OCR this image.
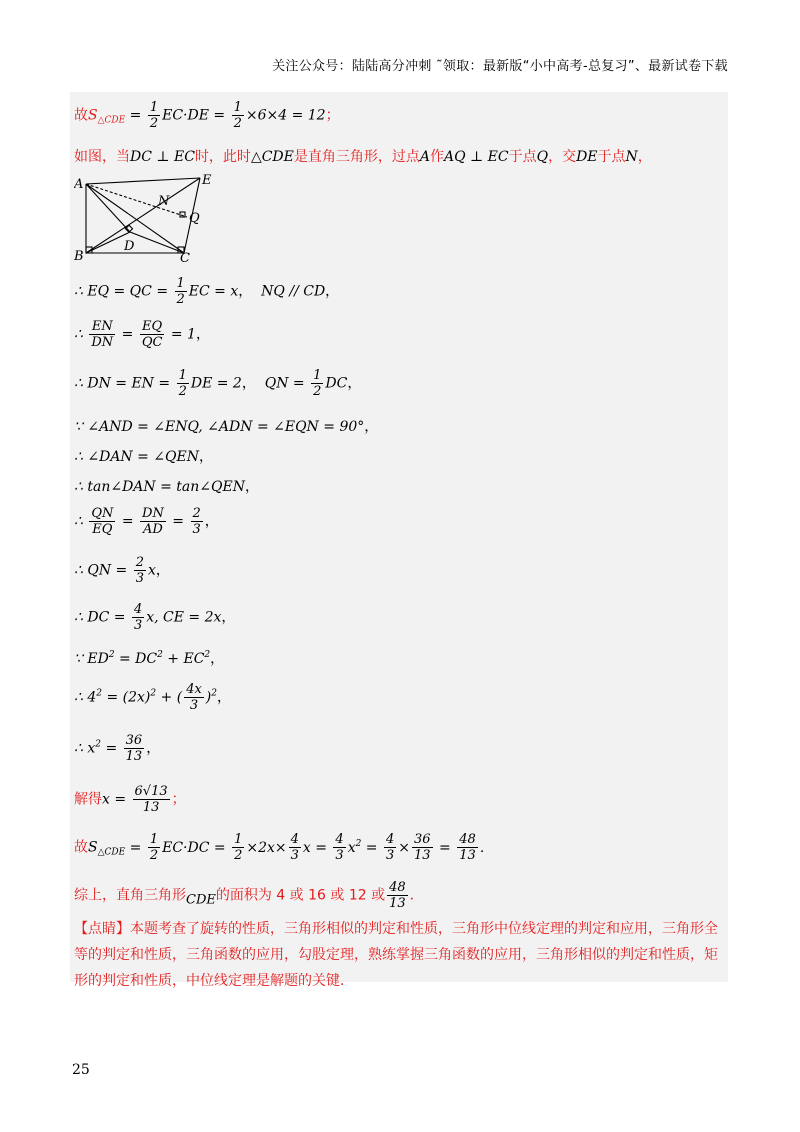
关注公众号：陆陆高分冲刺 ˜领取：最新版“小中高考-总复习”、最新试卷下载
故$S_{\triangle CDE} = \frac{1}{2} EC\cdot DE = \frac{1}{2} \times 6\times 4 = 12$；
如图，当DC ⊥ EC时，此时△CDE是直角三角形，过点A作AQ ⊥ EC于点Q，交DE于点N，
A	E
N
Q
D
B	C
∴ EQ = QC = $\frac{1}{2}$ EC = x， NQ // CD，
∴ $\frac{EN}{DN} = \frac{EQ}{QC} = 1$，
∴ DN = EN = $\frac{1}{2}$ DE = 2， QN = $\frac{1}{2}$ DC，
∵ ∠AND = ∠ENQ, ∠ADN = ∠EQN = 90°，
∴ ∠DAN = ∠QEN，
∴ tan∠DAN = tan∠QEN，
∴ $\frac{QN}{EQ} = \frac{DN}{AD} = \frac{2}{3}$ ，
∴ QN = $\frac{2}{3}$ x，
∴ DC = $\frac{4}{3} x$, CE = 2x，
∵ $ED^2 = DC^2 + EC^2$，
∴ $4^2 = (2x)^2$ + ( $\frac{4x}{3} )^2$，
∴ $x^2 = \frac{36}{13}$ ，
解得$x = \frac{6√13}{13}$ ；
故$S_{\triangle CDE} = \frac{1}{2} EC\cdot DC = \frac{1}{2} \times 2x\times \frac{4}{3}$ $x = \frac{4}{3} x^2 = \frac{4}{3} \times \frac{36}{13} = \frac{48}{13}$ ．
综上，直角三角形CDE的面积为 4 或 16 或 12 或 $\frac{48}{13}$ ．
【点睛】本题考查了旋转的性质，三角形相似的判定和性质，三角形中位线定理的判定和应用，三角形全等的判定和性质，三角函数的应用，勾股定理，熟练掌握三角函数的应用，三角形相似的判定和性质，矩形的判定和性质，中位线定理是解题的关键．
25
